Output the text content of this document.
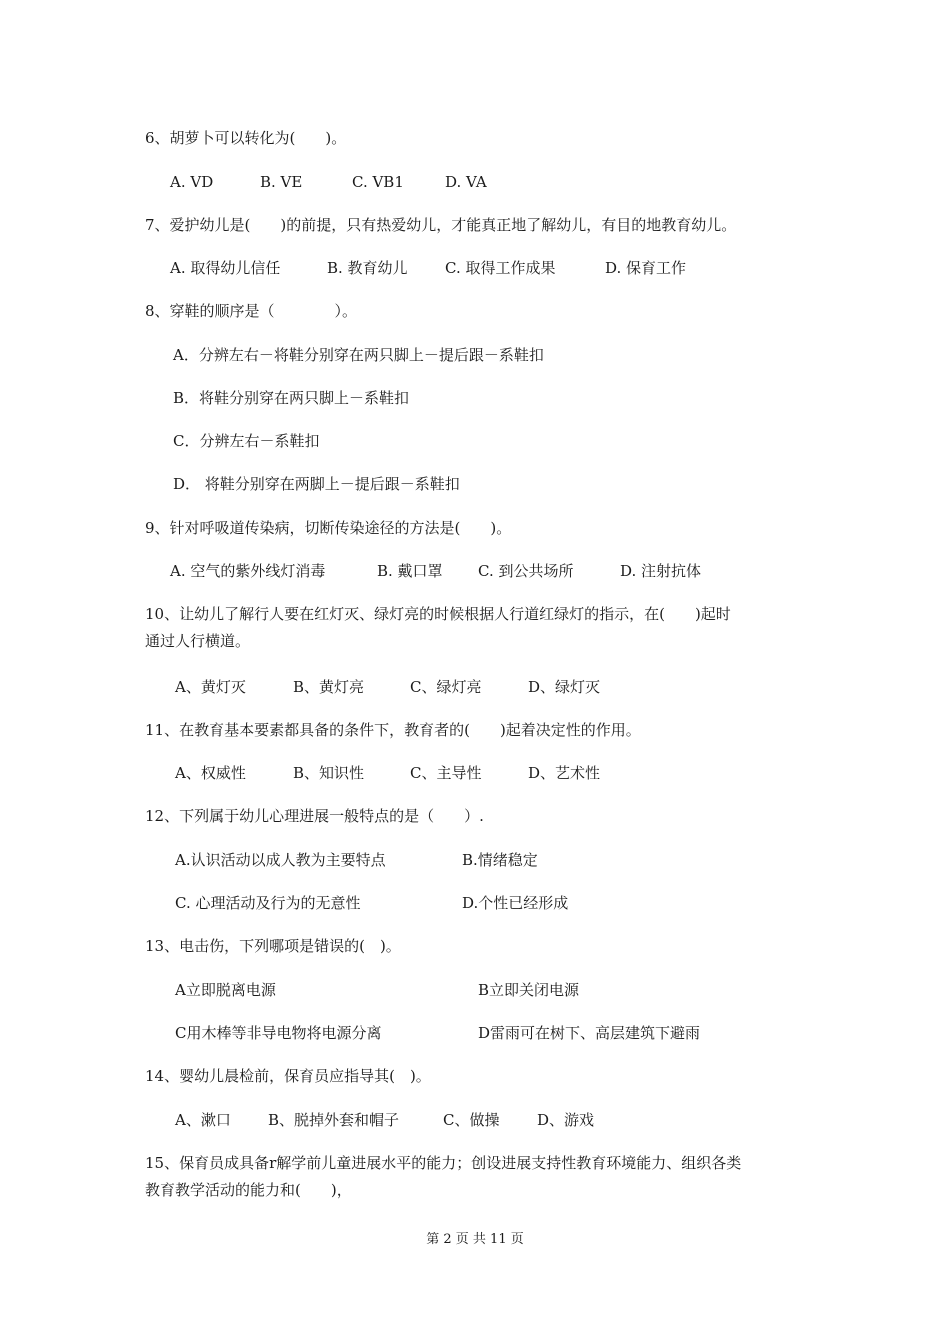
6、胡萝卜可以转化为(　　)。
A. VD	B. VE	C. VB1	D. VA
7、爱护幼儿是(　　)的前提，只有热爱幼儿，才能真正地了解幼儿，有目的地教育幼儿。
A. 取得幼儿信任	B. 教育幼儿 C. 取得工作成果	D. 保育工作
8、穿鞋的顺序是（　　　　）。
A．分辨左右－将鞋分别穿在两只脚上－提后跟－系鞋扣
B．将鞋分别穿在两只脚上－系鞋扣
C．分辨左右－系鞋扣
D． 将鞋分别穿在两脚上－提后跟－系鞋扣
9、针对呼吸道传染病，切断传染途径的方法是(　　)。
A. 空气的紫外线灯消毒	B. 戴口罩 C. 到公共场所	D. 注射抗体
10、让幼儿了解行人要在红灯灭、绿灯亮的时候根据人行道红绿灯的指示，在(　　)起时
通过人行横道。
A、黄灯灭	B、黄灯亮	C、绿灯亮	D、绿灯灭
11、在教育基本要素都具备的条件下，教育者的(　　)起着决定性的作用。
A、权威性	B、知识性	C、主导性	D、艺术性
12、下列属于幼儿心理进展一般特点的是（　　）.
A.认识活动以成人教为主要特点	B.情绪稳定
C. 心理活动及行为的无意性	D.个性已经形成
13、电击伤，下列哪项是错误的(　)。
A立即脱离电源	B立即关闭电源
C用木棒等非导电物将电源分离	D雷雨可在树下、高层建筑下避雨
14、婴幼儿晨检前，保育员应指导其(　)。
A、漱口 B、脱掉外套和帽子	C、做操	D、游戏
15、保育员成具备r解学前儿童进展水平的能力；创设进展支持性教育环境能力、组织各类
教育教学活动的能力和(　　)，
第 2 页 共 11 页
